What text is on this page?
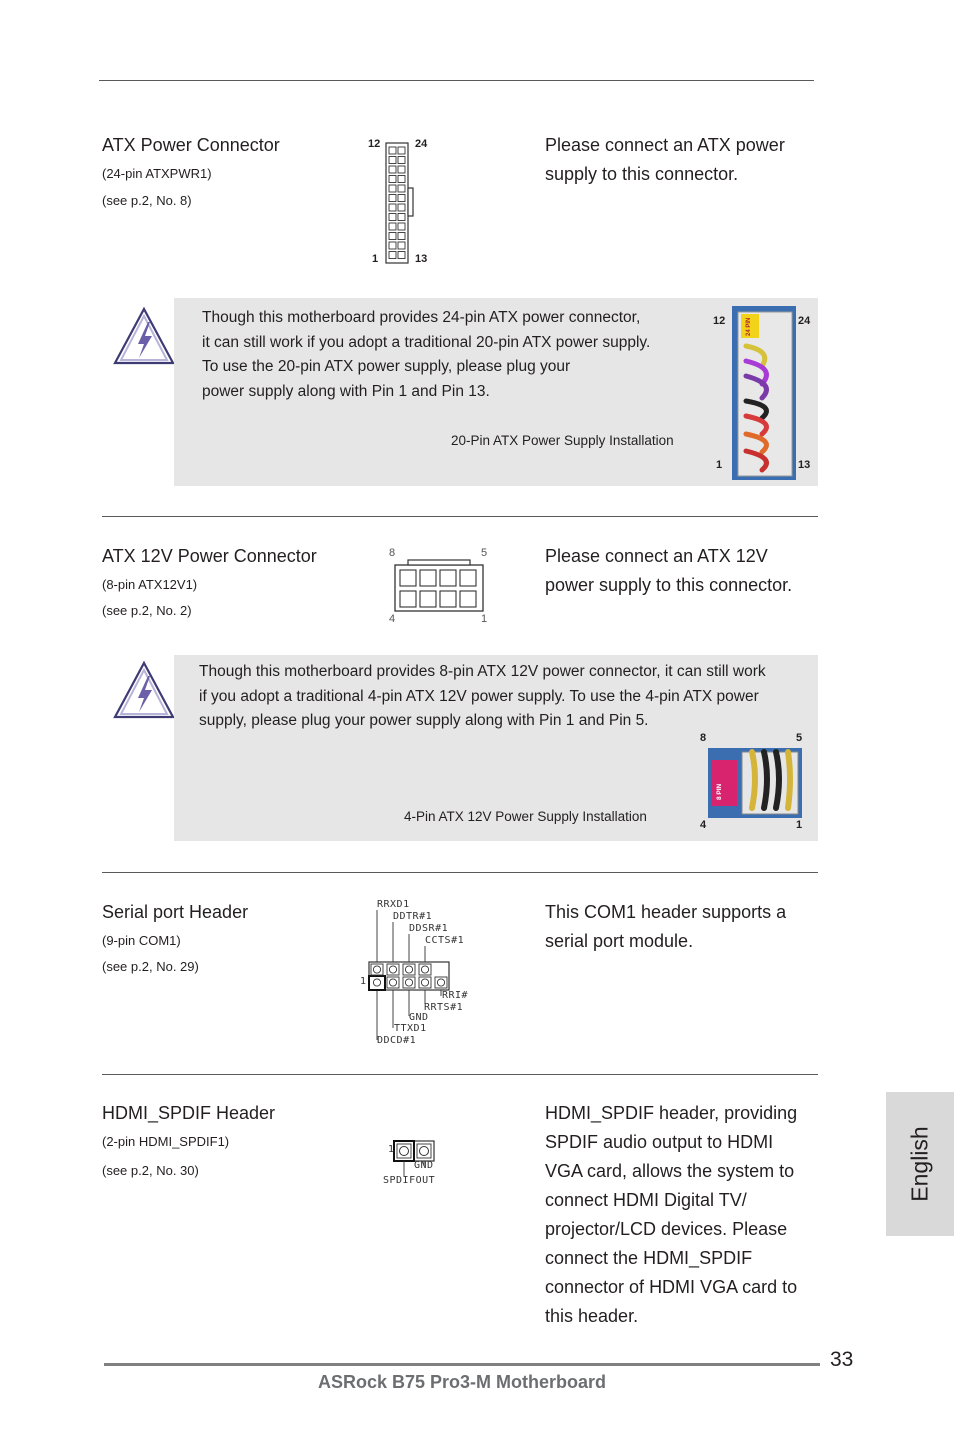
ATX Power Connector
(24-pin ATXPWR1)
(see p.2, No. 8)
12	24
1	13
Please connect an ATX power
supply to this connector.
Though this motherboard provides 24-pin ATX power connector,
it can still work if you adopt a traditional 20-pin ATX power supply.
To use the 20-pin ATX power supply, please plug your
power supply along with Pin 1 and Pin 13.
20-Pin ATX Power Supply Installation
12	24
1	13
24 PIN
ATX 12V Power Connector
(8-pin ATX12V1)
(see p.2, No. 2)
8	5
4	1
Please connect an ATX 12V
power supply to this connector.
Though this motherboard provides 8-pin ATX 12V power connector, it can still work
if you adopt a traditional 4-pin ATX 12V power supply. To use the 4-pin ATX power
supply, please plug your power supply along with Pin 1 and Pin 5.
4-Pin ATX 12V Power Supply Installation
8	5
4	1
8 PIN
Serial port Header
(9-pin COM1)
(see p.2, No. 29)
RRXD1
DDTR#1
DDSR#1
CCTS#1
1
RRI#
RRTS#1
GND
TTXD1
DDCD#1
This COM1 header supports a
serial port module.
HDMI_SPDIF Header
(2-pin HDMI_SPDIF1)
(see p.2, No. 30)
1
GND
SPDIFOUT
HDMI_SPDIF header, providing
SPDIF audio output to HDMI
VGA card, allows the system to
connect HDMI Digital TV/
projector/LCD devices. Please
connect the HDMI_SPDIF
connector of HDMI VGA card to
this header.
English
33
ASRock B75 Pro3-M Motherboard
